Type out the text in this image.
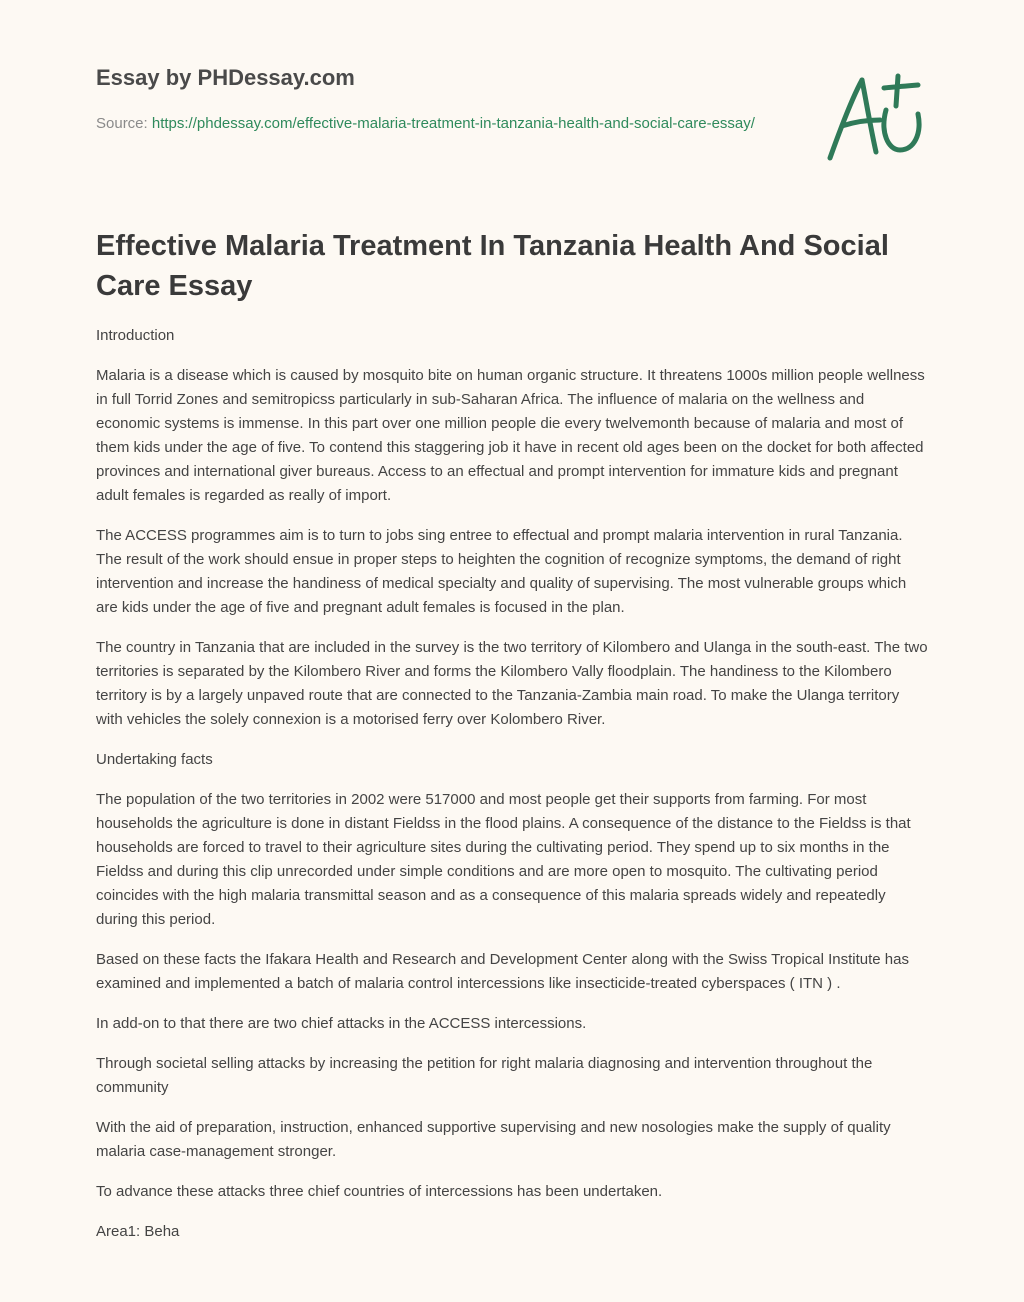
Essay by PHDessay.com
Source: https://phdessay.com/effective-malaria-treatment-in-tanzania-health-and-social-care-essay/
Effective Malaria Treatment In Tanzania Health And Social Care Essay

Introduction

Malaria is a disease which is caused by mosquito bite on human organic structure. It threatens 1000s million people wellness in full Torrid Zones and semitropicss particularly in sub-Saharan Africa. The influence of malaria on the wellness and economic systems is immense. In this part over one million people die every twelvemonth because of malaria and most of them kids under the age of five. To contend this staggering job it have in recent old ages been on the docket for both affected provinces and international giver bureaus. Access to an effectual and prompt intervention for immature kids and pregnant adult females is regarded as really of import.

The ACCESS programmes aim is to turn to jobs sing entree to effectual and prompt malaria intervention in rural Tanzania. The result of the work should ensue in proper steps to heighten the cognition of recognize symptoms, the demand of right intervention and increase the handiness of medical specialty and quality of supervising. The most vulnerable groups which are kids under the age of five and pregnant adult females is focused in the plan.

The country in Tanzania that are included in the survey is the two territory of Kilombero and Ulanga in the south-east. The two territories is separated by the Kilombero River and forms the Kilombero Vally floodplain. The handiness to the Kilombero territory is by a largely unpaved route that are connected to the Tanzania-Zambia main road. To make the Ulanga territory with vehicles the solely connexion is a motorised ferry over Kolombero River.

Undertaking facts

The population of the two territories in 2002 were 517000 and most people get their supports from farming. For most households the agriculture is done in distant Fieldss in the flood plains. A consequence of the distance to the Fieldss is that households are forced to travel to their agriculture sites during the cultivating period. They spend up to six months in the Fieldss and during this clip unrecorded under simple conditions and are more open to mosquito. The cultivating period coincides with the high malaria transmittal season and as a consequence of this malaria spreads widely and repeatedly during this period.

Based on these facts the Ifakara Health and Research and Development Center along with the Swiss Tropical Institute has examined and implemented a batch of malaria control intercessions like insecticide-treated cyberspaces ( ITN ) .

In add-on to that there are two chief attacks in the ACCESS intercessions.

Through societal selling attacks by increasing the petition for right malaria diagnosing and intervention throughout the community

With the aid of preparation, instruction, enhanced supportive supervising and new nosologies make the supply of quality malaria case-management stronger.

To advance these attacks three chief countries of intercessions has been undertaken.

Area1: Beha
